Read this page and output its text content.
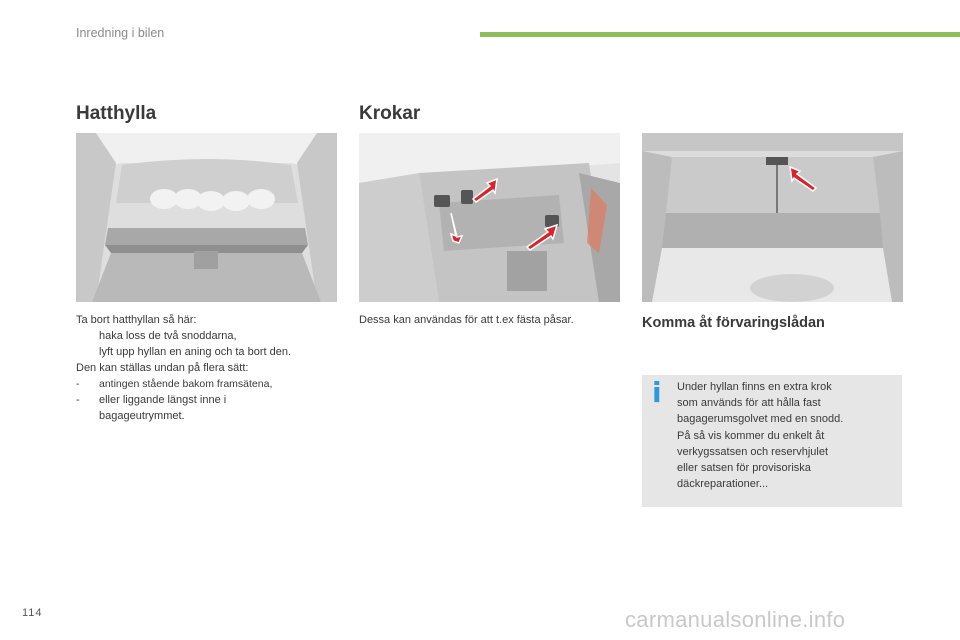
Inredning i bilen
Hatthylla	Krokar
Ta bort hatthyllan så här:
haka loss de två snoddarna,
lyft upp hyllan en aning och ta bort den.
Den kan ställas undan på flera sätt:
- antingen stående bakom framsätena,
- eller liggande längst inne i
bagageutrymmet.
Dessa kan användas för att t.ex fästa påsar.	Komma åt förvaringslådan
i Under hyllan finns en extra krok
som används för att hålla fast
bagagerumsgolvet med en snodd.
På så vis kommer du enkelt åt
verkygssatsen och reservhjulet
eller satsen för provisoriska
däckreparationer...
114	carmanualsonline.info
